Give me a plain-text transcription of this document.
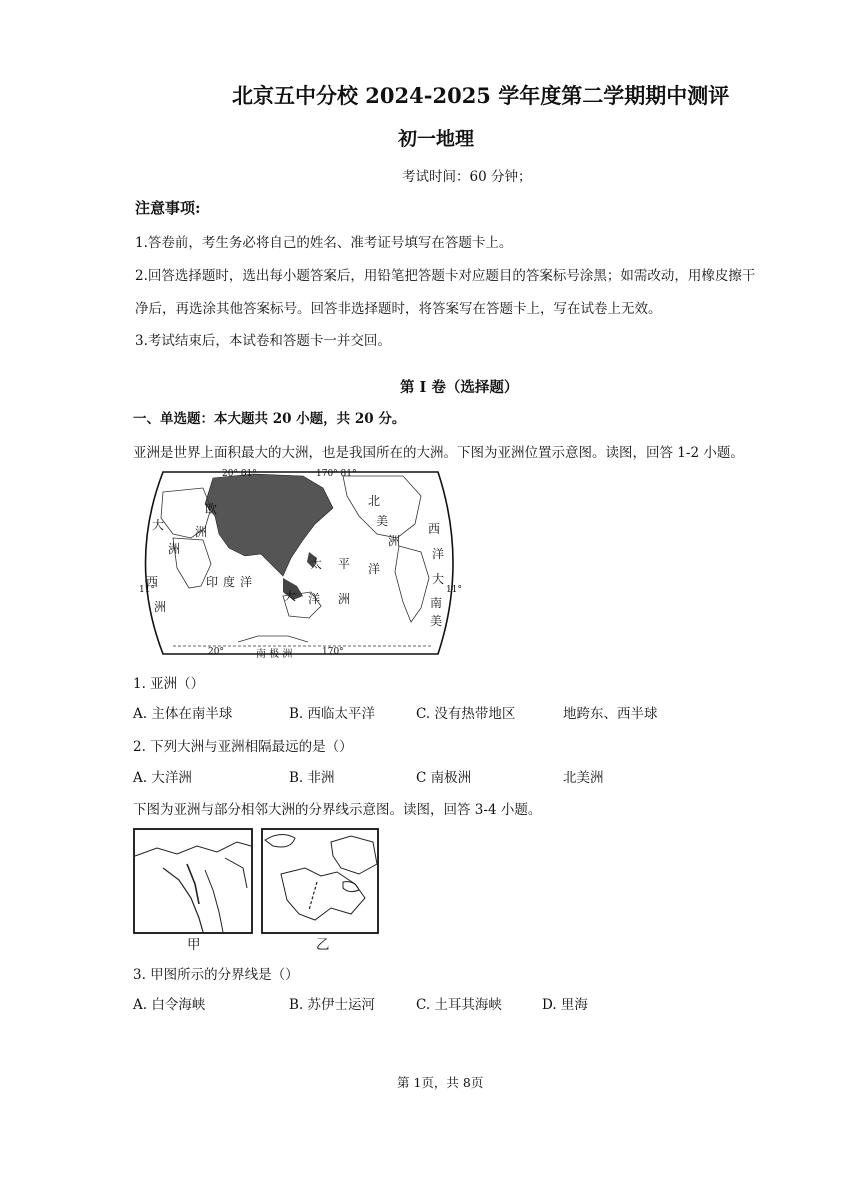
北京五中分校 2024-2025 学年度第二学期期中测评
初一地理
考试时间：60 分钟；
注意事项:
1.答卷前，考生务必将自己的姓名、准考证号填写在答题卡上。
2.回答选择题时，选出每小题答案后，用铅笔把答题卡对应题目的答案标号涂黑；如需改动，用橡皮擦干
净后，再选涂其他答案标号。回答非选择题时，将答案写在答题卡上，写在试卷上无效。
3.考试结束后，本试卷和答题卡一并交回。
第 I 卷（选择题）
一、单选题：本大题共 20 小题，共 20 分。
亚洲是世界上面积最大的大洲，也是我国所在的大洲。下图为亚洲位置示意图。读图，回答 1-2 小题。
20° 81°	170° 81°
欧
洲
北
美
洲
大	西
洋
洲
太 平 洋
印 度 洋
大 洋 洲
大
西
南
美
洲
11°	11°
20°	南 极 洲	170°
1. 亚洲（）
A. 主体在南半球	B. 西临太平洋	C. 没有热带地区	地跨东、西半球
2. 下列大洲与亚洲相隔最远的是（）
A. 大洋洲	B. 非洲	C 南极洲	北美洲
下图为亚洲与部分相邻大洲的分界线示意图。读图，回答 3-4 小题。
甲	乙
3. 甲图所示的分界线是（）
A. 白令海峡	B. 苏伊士运河	C. 土耳其海峡	D. 里海
第 1页，共 8页
